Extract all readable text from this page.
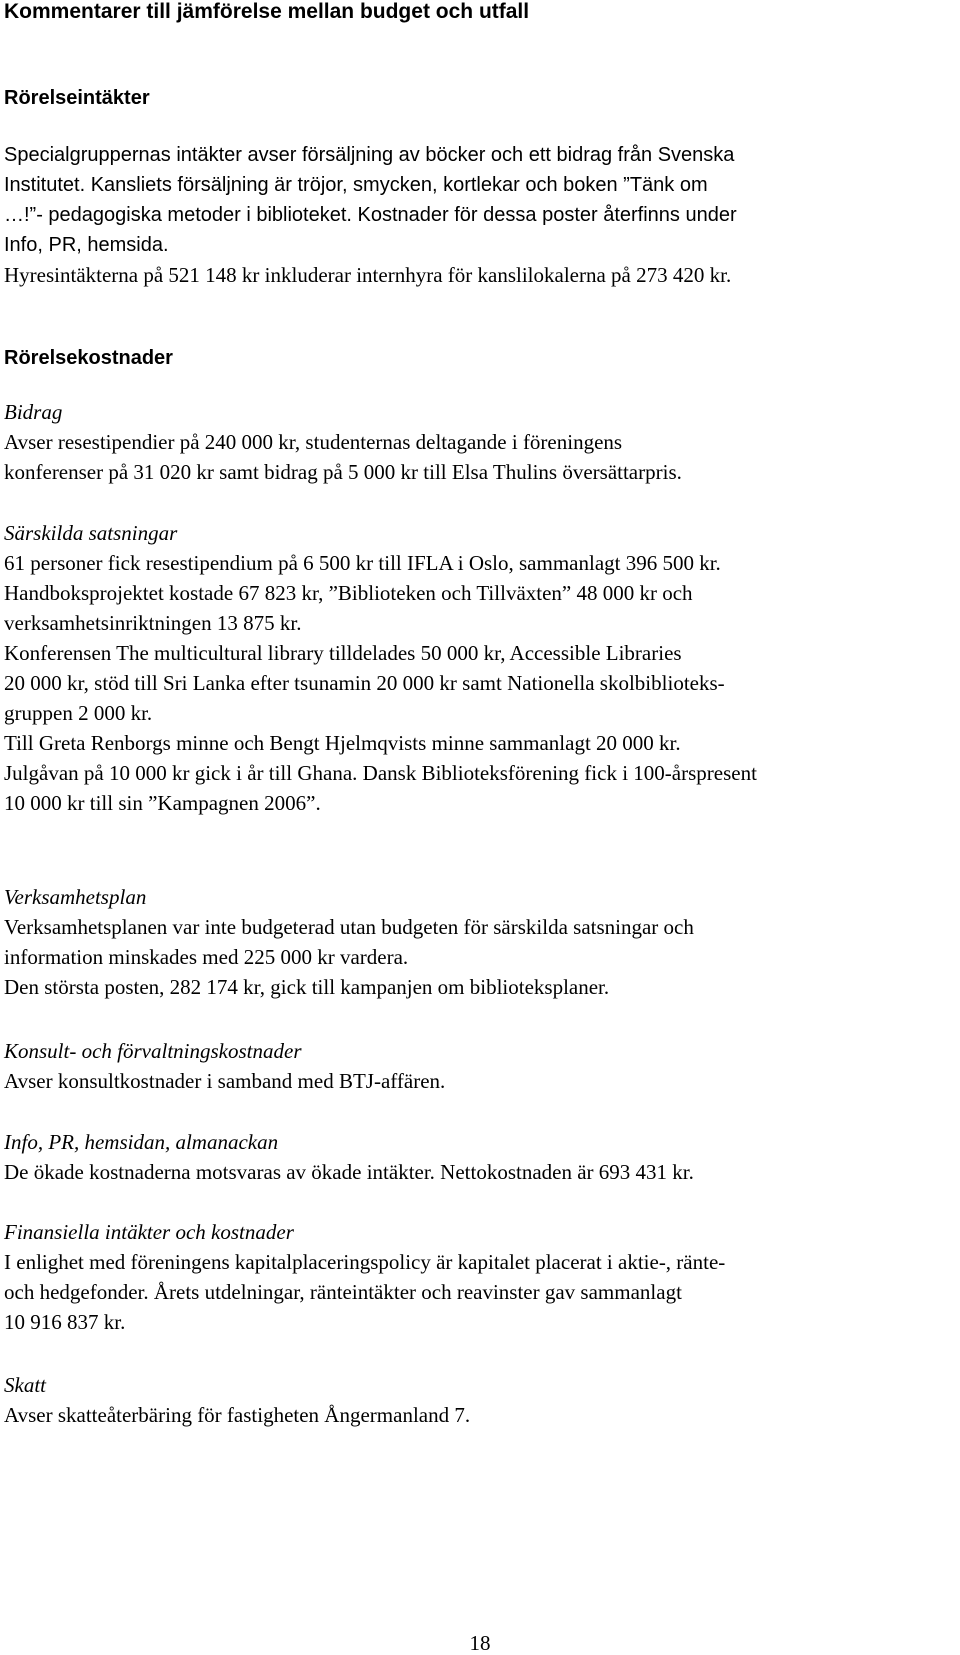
Kommentarer till jämförelse mellan budget och utfall
Rörelseintäkter
Specialgruppernas intäkter avser försäljning av böcker och ett bidrag från Svenska
Institutet. Kansliets försäljning är tröjor, smycken, kortlekar och boken ”Tänk om
…!”- pedagogiska metoder i biblioteket. Kostnader för dessa poster återfinns under
Info, PR, hemsida.
Hyresintäkterna på 521 148 kr inkluderar internhyra för kanslilokalerna på 273 420 kr.
Rörelsekostnader
Bidrag
Avser resestipendier på 240 000 kr, studenternas deltagande i föreningens
konferenser på 31 020 kr samt bidrag på 5 000 kr till Elsa Thulins översättarpris.
Särskilda satsningar
61 personer fick resestipendium på 6 500 kr till IFLA i Oslo, sammanlagt 396 500 kr.
Handboksprojektet kostade 67 823 kr, ”Biblioteken och Tillväxten” 48 000 kr och
verksamhetsinriktningen 13 875 kr.
Konferensen The multicultural library tilldelades 50 000 kr, Accessible Libraries
20 000 kr, stöd till Sri Lanka efter tsunamin 20 000 kr samt Nationella skolbiblioteks-
gruppen 2 000 kr.
Till Greta Renborgs minne och Bengt Hjelmqvists minne sammanlagt 20 000 kr.
Julgåvan på 10 000 kr gick i år till Ghana. Dansk Biblioteksförening fick i 100-årspresent
10 000 kr till sin ”Kampagnen 2006”.
Verksamhetsplan
Verksamhetsplanen var inte budgeterad utan budgeten för särskilda satsningar och
information minskades med 225 000 kr vardera.
Den största posten, 282 174 kr, gick till kampanjen om biblioteksplaner.
Konsult- och förvaltningskostnader
Avser konsultkostnader i samband med BTJ-affären.
Info, PR, hemsidan, almanackan
De ökade kostnaderna motsvaras av ökade intäkter. Nettokostnaden är 693 431 kr.
Finansiella intäkter och kostnader
I enlighet med föreningens kapitalplaceringspolicy är kapitalet placerat i aktie-, ränte-
och hedgefonder. Årets utdelningar, ränteintäkter och reavinster gav sammanlagt
10 916 837 kr.
Skatt
Avser skatteåterbäring för fastigheten Ångermanland 7.
18
